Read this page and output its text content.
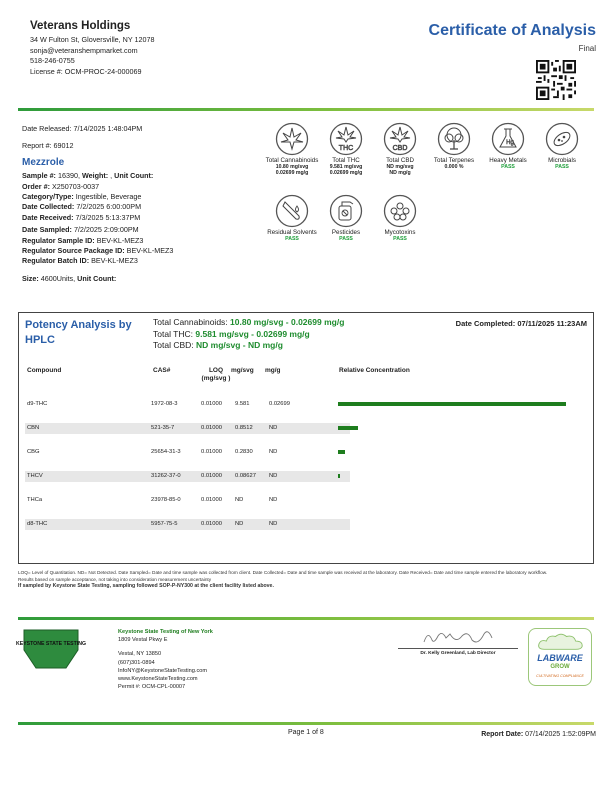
Veterans Holdings
34 W Fulton St, Gloversville, NY 12078
sonja@veteranshempmarket.com
518-246-0755
License #: OCM-PROC-24-000069
Certificate of Analysis
Final
Date Released: 7/14/2025 1:48:04PM
Report #: 69012
Mezzrole
Sample #: 16390, Weight: , Unit Count:
Order #: X250703-0037
Category/Type: Ingestible, Beverage
Date Collected: 7/2/2025 6:00:00PM
Date Received: 7/3/2025 5:13:37PM
Date Sampled: 7/2/2025 2:09:00PM
Regulator Sample ID: BEV-KL-MEZ3
Regulator Source Package ID: BEV-KL-MEZ3
Regulator Batch ID: BEV-KL-MEZ3
Size: 4600Units, Unit Count:
Total Cannabinoids
10.80 mg/svg
0.02699 mg/g
THC
Total THC
9.581 mg/svg
0.02699 mg/g
CBD
Total CBD
ND mg/svg
ND mg/g
Total Terpenes
0.000 %
Hg
Heavy Metals
PASS
Microbials
PASS
Residual Solvents
PASS
Pesticides
PASS
Mycotoxins
PASS
Potency Analysis by HPLC
Total Cannabinoids: 10.80 mg/svg - 0.02699 mg/g
Total THC: 9.581 mg/svg - 0.02699 mg/g
Total CBD: ND mg/svg - ND mg/g
Date Completed: 07/11/2025 11:23AM
Compound	CAS#	LOQ (mg/svg )
mg/svg mg/g	Relative Concentration
d9-THC	1972-08-3	0.01000 9.581	0.02699
CBN	521-35-7	0.01000 0.8512	ND
CBG	25654-31-3	0.01000 0.2830	ND
THCV	31262-37-0	0.01000 0.08627 ND
THCa	23978-85-0	0.01000 ND	ND
d8-THC	5957-75-5	0.01000 ND	ND
LOQ= Level of Quantitation. ND= Not Detected. Date Sampled= Date and time sample was collected from client. Date Collected= Date and time sample was received at the laboratory. Date Received= Date and time sample entered the laboratory workflow.
Results based on sample acceptance, not taking into consideration measurement uncertainty
If sampled by Keystone State Testing, sampling followed SOP-P-NY300 at the client facility listed above.
KEYSTONE STATE TESTING
Keystone State Testing of New York
1809 Vestal Pkwy E
Vestal, NY 13850
(607)301-0894
InfoNY@KeystoneStateTesting.com
www.KeystoneStateTesting.com
Permit #: OCM-CPL-00007
Dr. Kelly Greenland, Lab Director	LABWARE
GROW
CULTIVATING COMPLIANCE
Page 1 of 8	Report Date: 07/14/2025 1:52:09PM
